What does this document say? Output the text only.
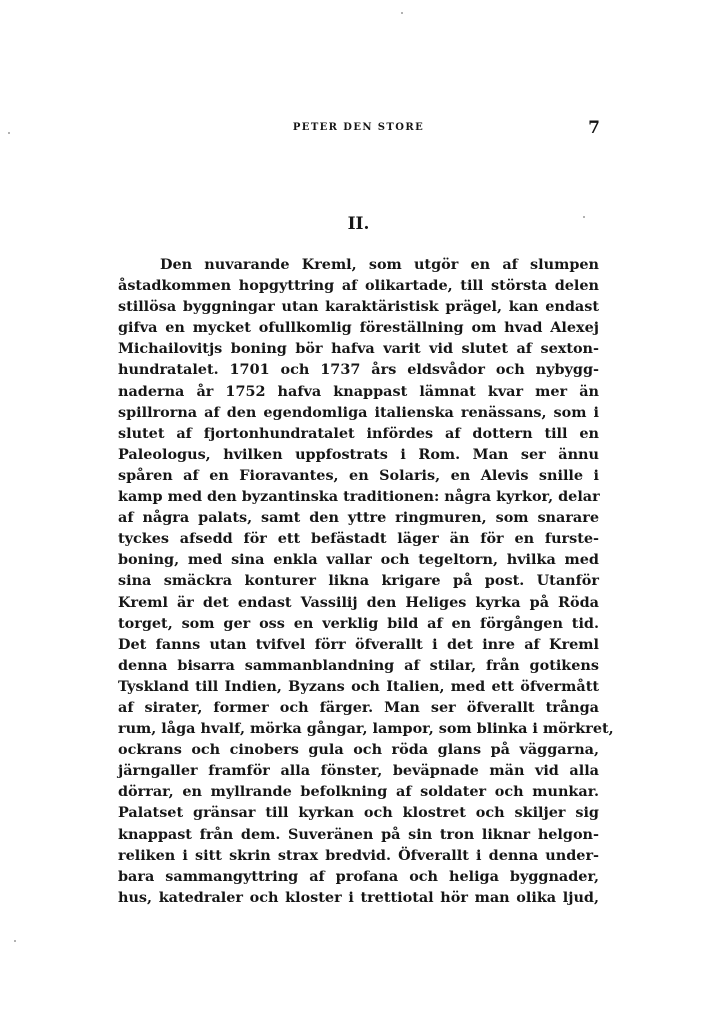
PETER DEN STORE	7
II.
Den nuvarande Kreml, som utgör en af slumpen
åstadkommen hopgyttring af olikartade, till största delen
stillösa byggningar utan karaktäristisk prägel, kan endast
gifva en mycket ofullkomlig föreställning om hvad Alexej
Michailovitjs boning bör hafva varit vid slutet af sexton-
hundratalet. 1701 och 1737 års eldsvådor och nybygg-
naderna år 1752 hafva knappast lämnat kvar mer än
spillrorna af den egendomliga italienska renässans, som i
slutet af fjortonhundratalet infördes af dottern till en
Paleologus, hvilken uppfostrats i Rom. Man ser ännu
spåren af en Fioravantes, en Solaris, en Alevis snille i
kamp med den byzantinska traditionen: några kyrkor, delar
af några palats, samt den yttre ringmuren, som snarare
tyckes afsedd för ett befästadt läger än för en furste-
boning, med sina enkla vallar och tegeltorn, hvilka med
sina smäckra konturer likna krigare på post. Utanför
Kreml är det endast Vassilij den Heliges kyrka på Röda
torget, som ger oss en verklig bild af en förgången tid.
Det fanns utan tvifvel förr öfverallt i det inre af Kreml
denna bisarra sammanblandning af stilar, från gotikens
Tyskland till Indien, Byzans och Italien, med ett öfvermått
af sirater, former och färger. Man ser öfverallt trånga
rum, låga hvalf, mörka gångar, lampor, som blinka i mörkret,
ockrans och cinobers gula och röda glans på väggarna,
järngaller framför alla fönster, beväpnade män vid alla
dörrar, en myllrande befolkning af soldater och munkar.
Palatset gränsar till kyrkan och klostret och skiljer sig
knappast från dem. Suveränen på sin tron liknar helgon-
reliken i sitt skrin strax bredvid. Öfverallt i denna under-
bara sammangyttring af profana och heliga byggnader,
hus, katedraler och kloster i trettiotal hör man olika ljud,
